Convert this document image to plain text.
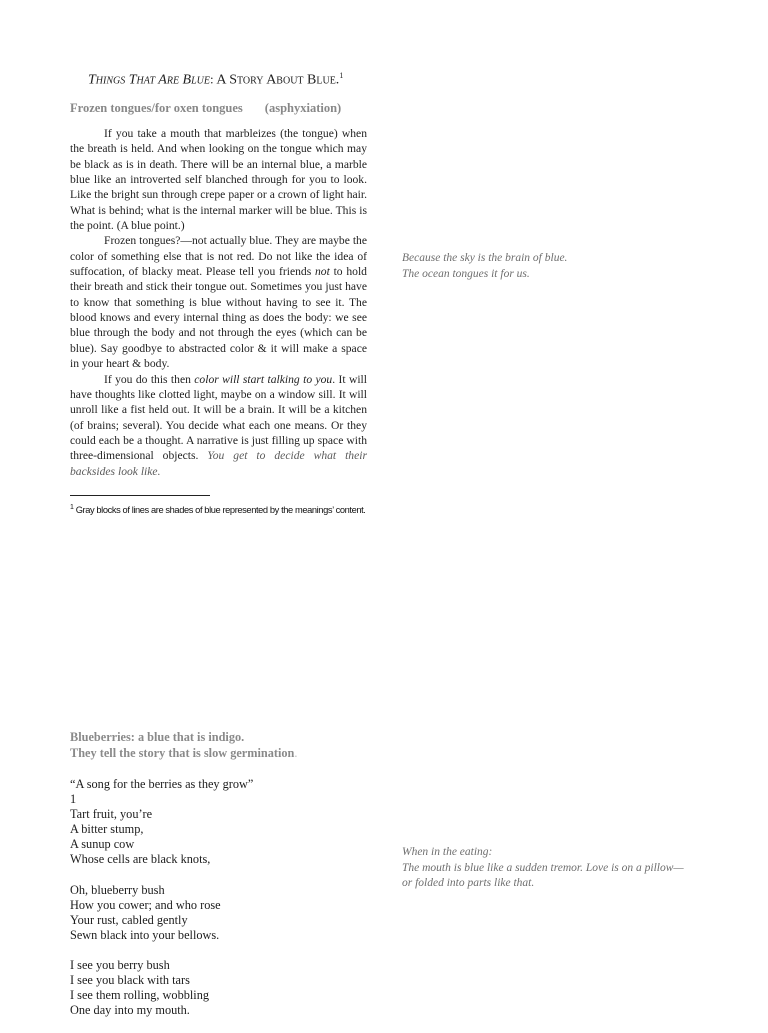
Things That Are Blue: A Story About Blue.$^1$
Frozen tongues/for oxen tongues (asphyxiation)

If you take a mouth that marbleizes (the tongue) when the breath is held. And when looking on the tongue which may be black as is in death. There will be an internal blue, a marble blue like an introverted self blanched through for you to look. Like the bright sun through crepe paper or a crown of light hair. What is behind; what is the internal marker will be blue. This is the point. (A blue point.)

Frozen tongues?—not actually blue. They are maybe the color of something else that is not red. Do not like the idea of suffocation, of blacky meat. Please tell you friends not to hold their breath and stick their tongue out. Sometimes you just have to know that something is blue without having to see it. The blood knows and every internal thing as does the body: we see blue through the body and not through the eyes (which can be blue). Say goodbye to abstracted color & it will make a space in your heart & body.

If you do this then color will start talking to you. It will have thoughts like clotted light, maybe on a window sill. It will unroll like a fist held out. It will be a brain. It will be a kitchen (of brains; several). You decide what each one means. Or they could each be a thought. A narrative is just filling up space with three-dimensional objects. You get to decide what their backsides look like.

$^1$ Gray blocks of lines are shades of blue represented by the meanings’ content.
Because the sky is the brain of blue.
The ocean tongues it for us.
Blueberries: a blue that is indigo.
They tell the story that is slow germination.
“A song for the berries as they grow”
1
Tart fruit, you’re
A bitter stump,
A sunup cow
Whose cells are black knots,
Oh, blueberry bush
How you cower; and who rose
Your rust, cabled gently
Sewn black into your bellows.
I see you berry bush
I see you black with tars
I see them rolling, wobbling
One day into my mouth.
When in the eating:
The mouth is blue like a sudden tremor. Love is on a pillow—
or folded into parts like that.
